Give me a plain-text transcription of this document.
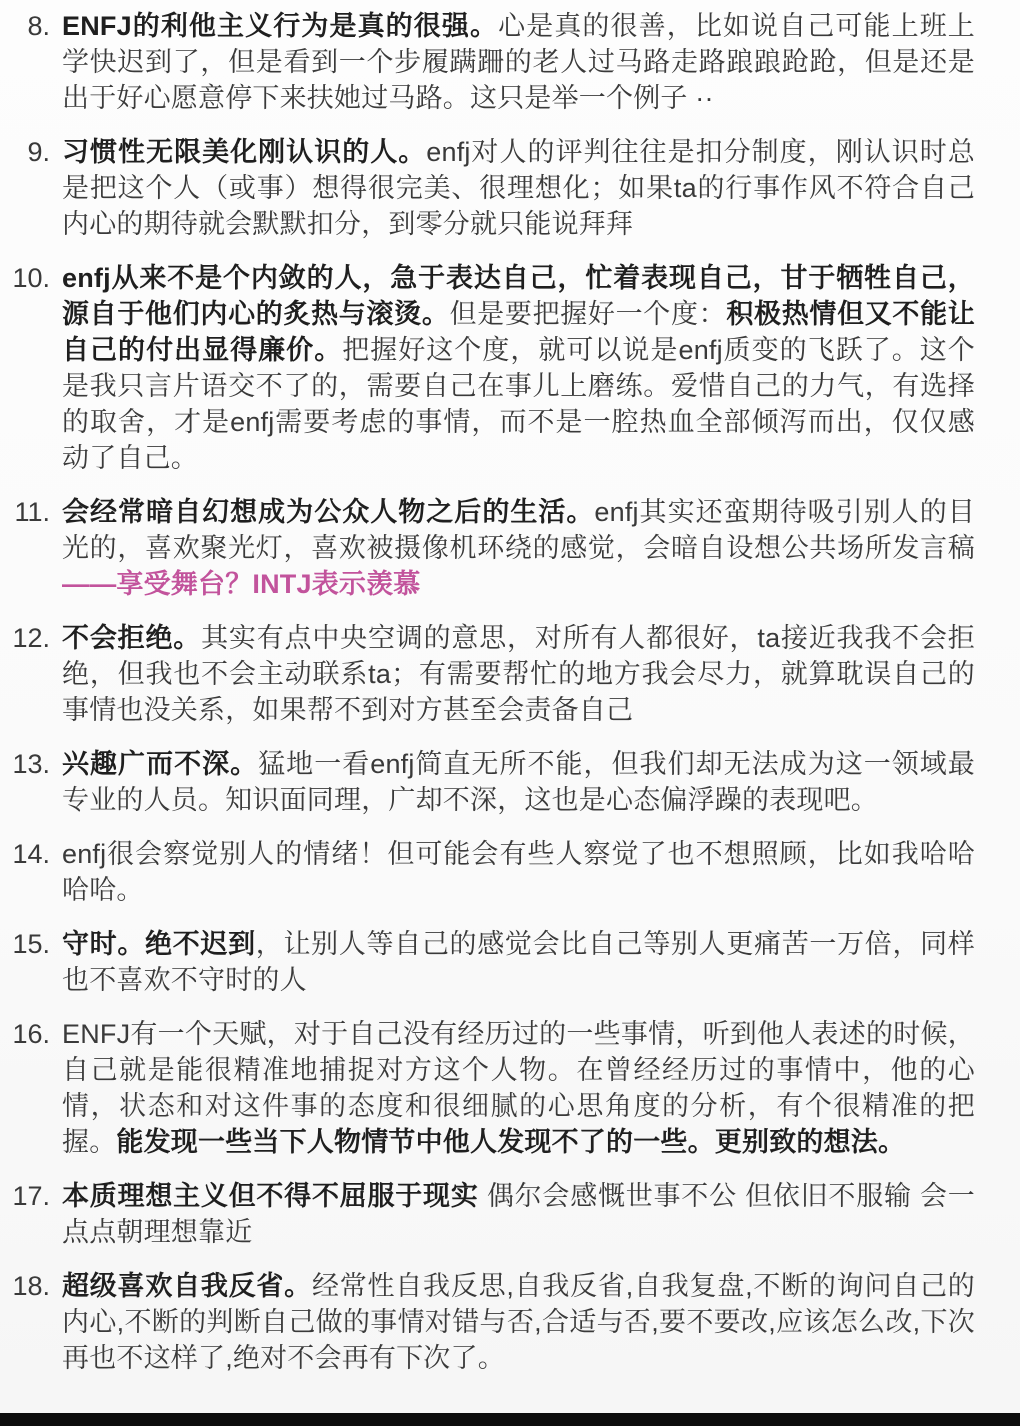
8. ENFJ的利他主义行为是真的很强。心是真的很善，比如说自己可能上班上学快迟到了，但是看到一个步履蹒跚的老人过马路走路踉踉跄跄，但是还是出于好心愿意停下来扶她过马路。这只是举一个例子 ··
9. 习惯性无限美化刚认识的人。enfj对人的评判往往是扣分制度，刚认识时总是把这个人（或事）想得很完美、很理想化；如果ta的行事作风不符合自己内心的期待就会默默扣分，到零分就只能说拜拜
10. enfj从来不是个内敛的人，急于表达自己，忙着表现自己，甘于牺牲自己，源自于他们内心的炙热与滚烫。但是要把握好一个度：积极热情但又不能让自己的付出显得廉价。把握好这个度，就可以说是enfj质变的飞跃了。这个是我只言片语交不了的，需要自己在事儿上磨练。爱惜自己的力气，有选择的取舍，才是enfj需要考虑的事情，而不是一腔热血全部倾泻而出，仅仅感动了自己。
11. 会经常暗自幻想成为公众人物之后的生活。enfj其实还蛮期待吸引别人的目光的，喜欢聚光灯，喜欢被摄像机环绕的感觉，会暗自设想公共场所发言稿——享受舞台？INTJ表示羡慕
12. 不会拒绝。其实有点中央空调的意思，对所有人都很好，ta接近我我不会拒绝，但我也不会主动联系ta；有需要帮忙的地方我会尽力，就算耽误自己的事情也没关系，如果帮不到对方甚至会责备自己
13. 兴趣广而不深。猛地一看enfj简直无所不能，但我们却无法成为这一领域最专业的人员。知识面同理，广却不深，这也是心态偏浮躁的表现吧。
14. enfj很会察觉别人的情绪！但可能会有些人察觉了也不想照顾，比如我哈哈哈哈。
15. 守时。绝不迟到，让别人等自己的感觉会比自己等别人更痛苦一万倍，同样也不喜欢不守时的人
16. ENFJ有一个天赋，对于自己没有经历过的一些事情，听到他人表述的时候，自己就是能很精准地捕捉对方这个人物。在曾经经历过的事情中，他的心情，状态和对这件事的态度和很细腻的心思角度的分析，有个很精准的把握。能发现一些当下人物情节中他人发现不了的一些。更别致的想法。
17. 本质理想主义但不得不屈服于现实 偶尔会感慨世事不公 但依旧不服输 会一点点朝理想靠近
18. 超级喜欢自我反省。经常性自我反思,自我反省,自我复盘,不断的询问自己的内心,不断的判断自己做的事情对错与否,合适与否,要不要改,应该怎么改,下次再也不这样了,绝对不会再有下次了。
